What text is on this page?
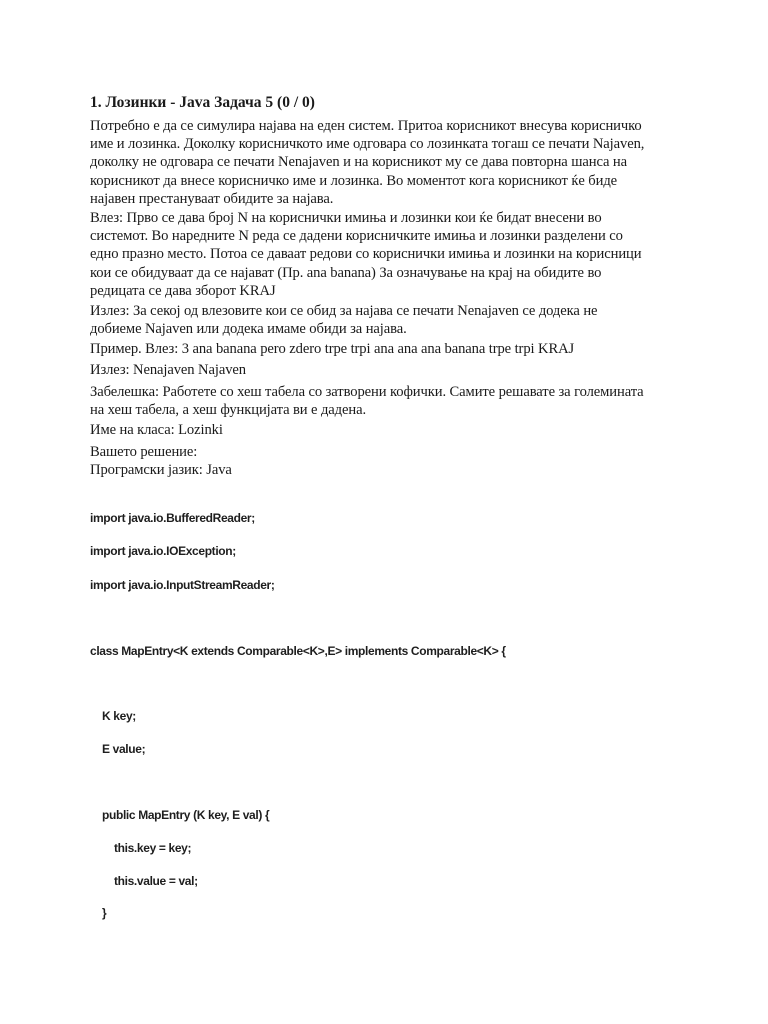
1. Лозинки - Java Задача 5 (0 / 0)

Потребно е да се симулира најава на еден систем. Притоа корисникот внесува корисничко
име и лозинка. Доколку корисничкото име одговара со лозинката тогаш се печати Najaven,
доколку не одговара се печати Nenajaven и на корисникот му се дава повторна шанса на
корисникот да внесе корисничко име и лозинка. Во моментот кога корисникот ќе биде
најавен престануваат обидите за најава.

Влез: Прво се дава број N на кориснички имиња и лозинки кои ќе бидат внесени во
системот. Во наредните N реда се дадени корисничките имиња и лозинки разделени со
едно празно место. Потоа се даваат редови со кориснички имиња и лозинки на корисници
кои се обидуваат да се најават (Пр. ana banana) За означување на крај на обидите во
редицата се дава зборот KRAJ

Излез: За секој од влезовите кои се обид за најава се печати Nenajaven се додека не
добиеме Najaven или додека имаме обиди за најава.

Пример. Влез: 3 ana banana pero zdero trpe trpi ana ana ana banana trpe trpi KRAJ

Излез: Nenajaven Najaven

Забелешка: Работете со хеш табела со затворени кофички. Самите решавате за големината
на хеш табела, а хеш функцијата ви е дадена.

Име на класа: Lozinki

Вашето решение:
Програмски јазик: Java

import java.io.BufferedReader;
import java.io.IOException;
import java.io.InputStreamReader;
class MapEntry<K extends Comparable<K>,E> implements Comparable<K> {
K key;
E value;
public MapEntry (K key, E val) {
this.key = key;
this.value = val;
}
